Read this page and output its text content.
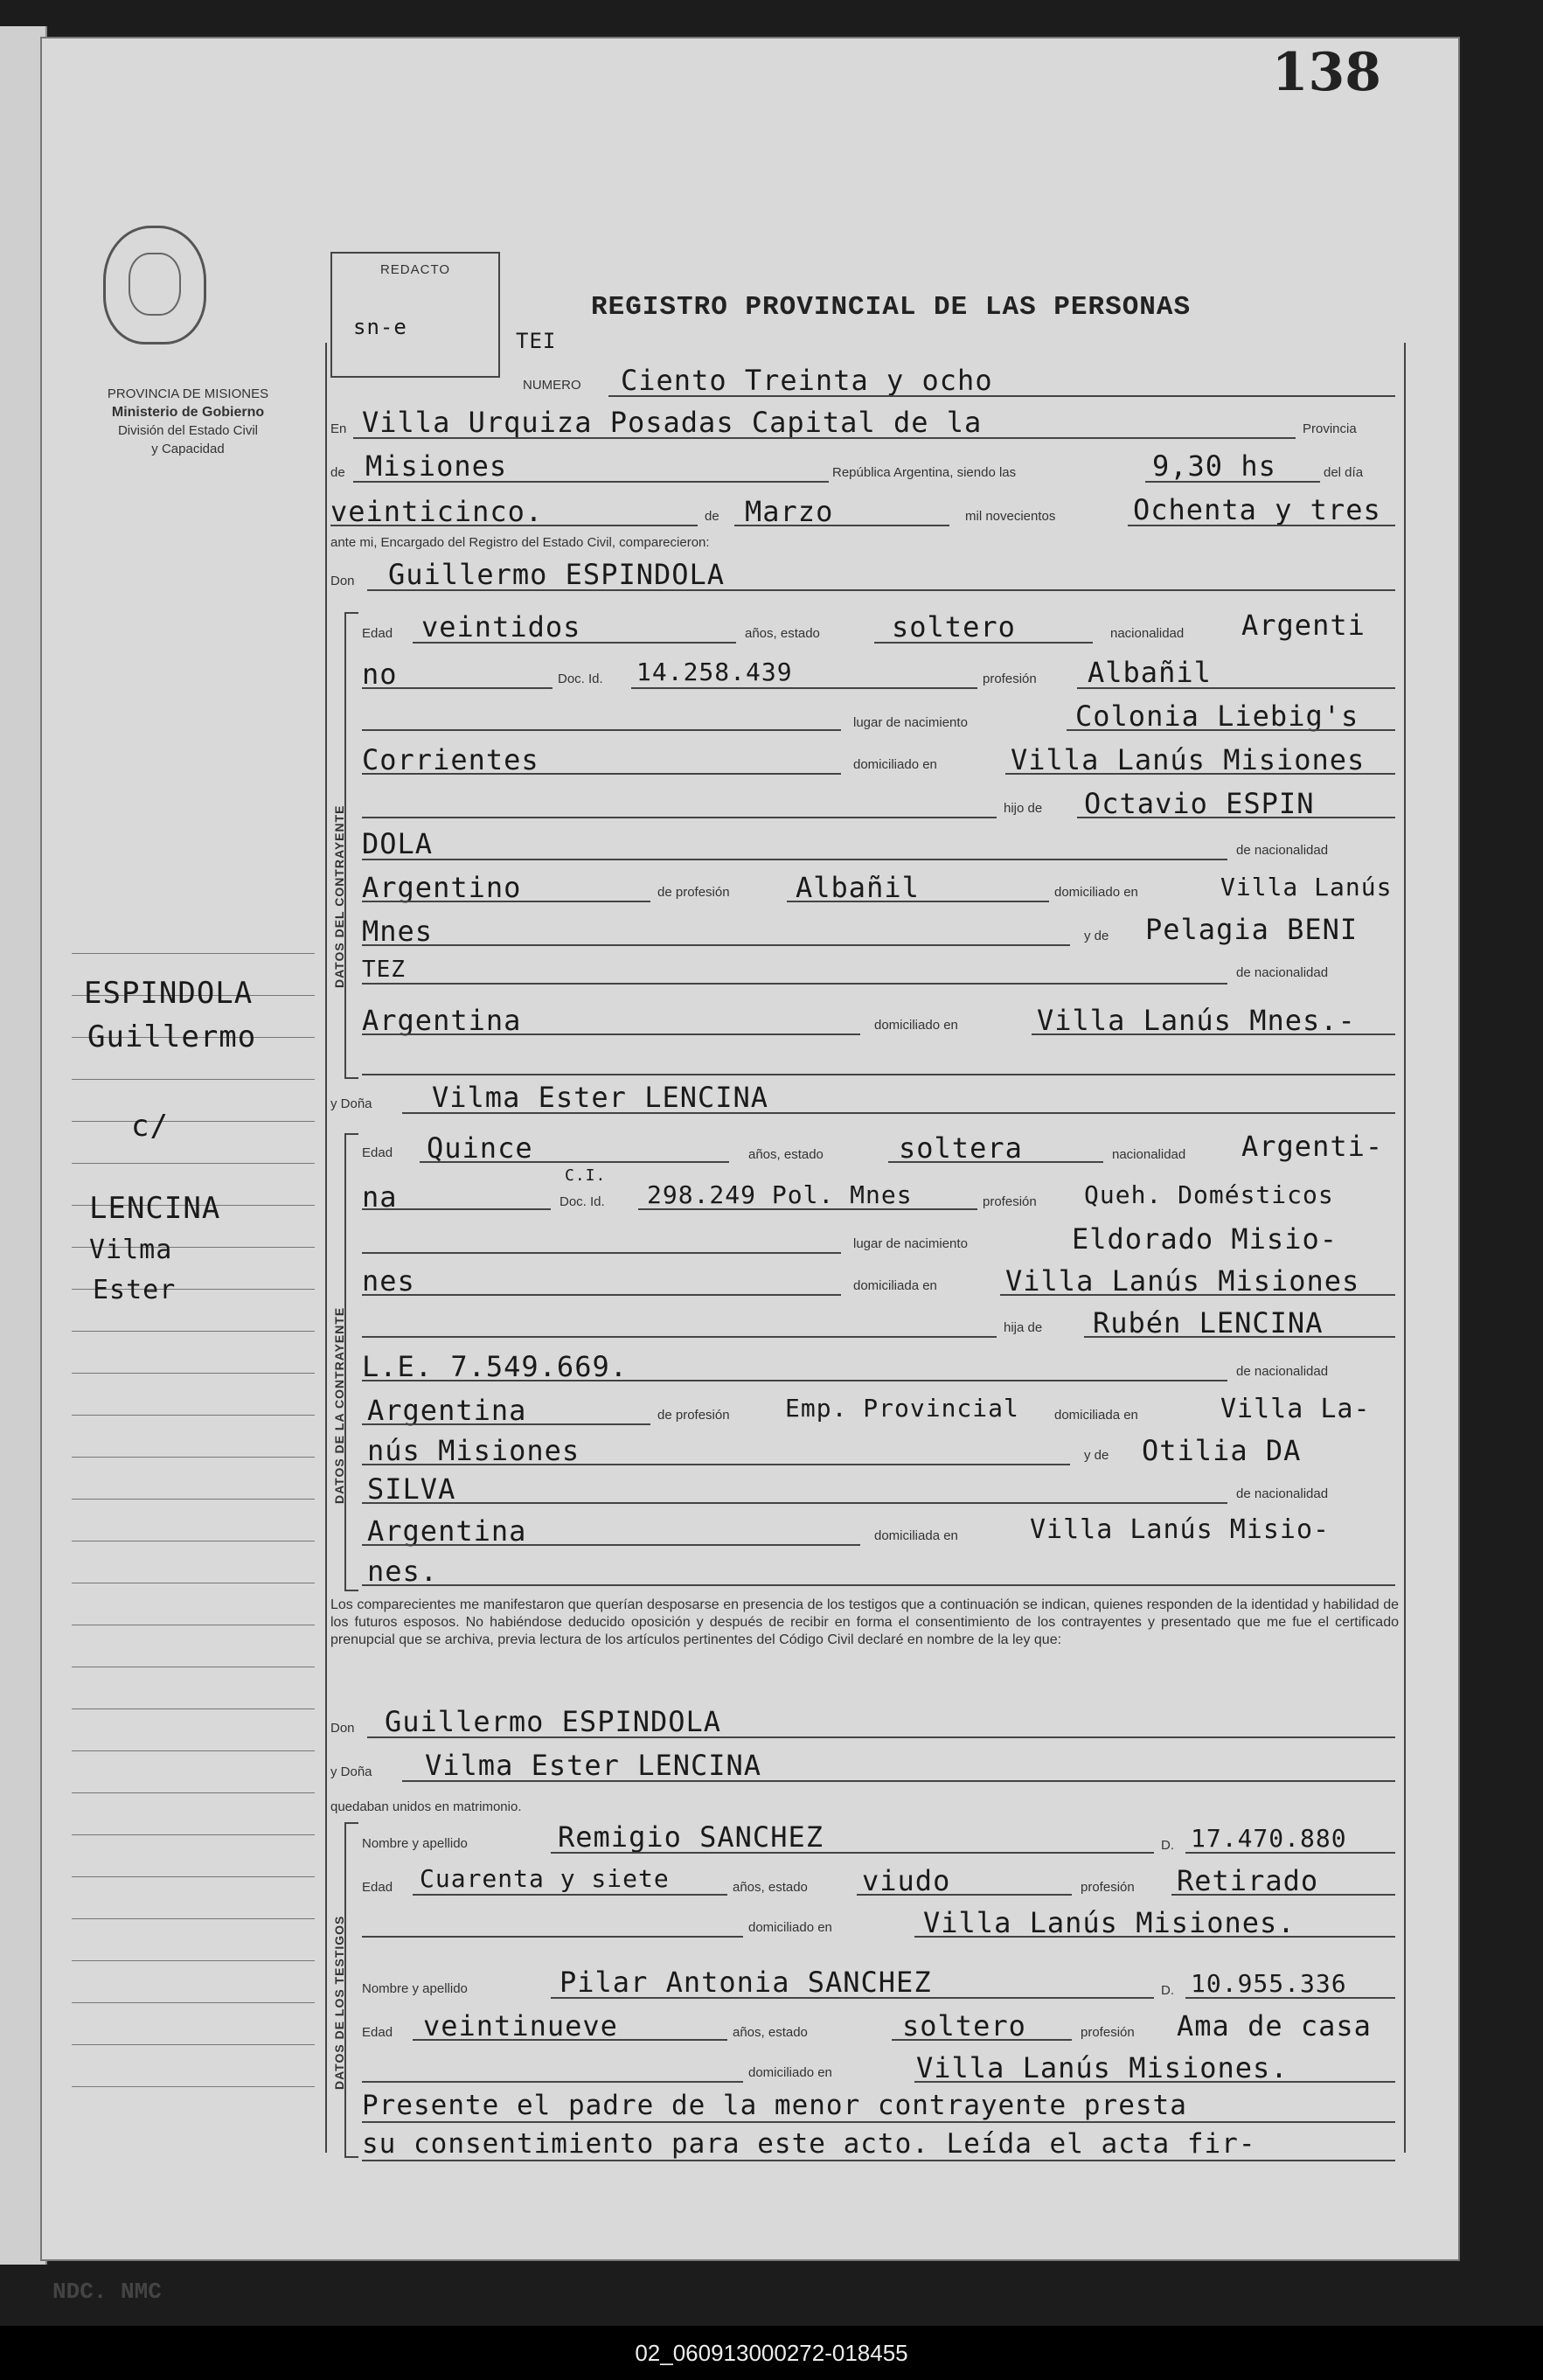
138
PROVINCIA DE MISIONES
Ministerio de Gobierno
División del Estado Civil
y Capacidad
ESPINDOLA
Guillermo
c/
LENCINA
Vilma
Ester
REDACTO
sn-e
REGISTRO PROVINCIAL DE LAS PERSONAS
TEI
NUMERO Ciento Treinta y ocho
En Villa Urquiza Posadas Capital de la	Provincia
de Misiones	República Argentina, siendo las	9,30 hs	del día
veinticinco.	de Marzo	mil novecientos	Ochenta y tres
ante mi, Encargado del Registro del Estado Civil, comparecieron:
Don Guillermo ESPINDOLA
DATOS DEL CONTRAYENTE
Edad veintidos	años, estado	soltero	nacionalidad Argenti
no	Doc. Id. 14.258.439	profesión Albañil
lugar de nacimiento	Colonia Liebig's
Corrientes	domiciliado en	Villa Lanús Misiones
hijo de Octavio ESPIN
DOLA	de nacionalidad
Argentino	de profesión Albañil	domiciliado en	Villa Lanús
Mnes	y de Pelagia BENI
TEZ	de nacionalidad
Argentina	domiciliado en	Villa Lanús Mnes.-
y Doña Vilma Ester LENCINA
DATOS DE LA CONTRAYENTE
Edad Quince	años, estado	soltera	nacionalidad Argenti-
na	Doc. Id.
C.I.
298.249 Pol. Mnes	profesión Queh. Domésticos
lugar de nacimiento	Eldorado Misio-
nes	domiciliada en Villa Lanús Misiones
hija de Rubén LENCINA
L.E. 7.549.669.	de nacionalidad
Argentina	de profesión Emp. Provincial	domiciliada en	Villa La-
nús Misiones	y de Otilia DA
SILVA	de nacionalidad
Argentina	domiciliada en	Villa Lanús Misio-
nes.
Los comparecientes me manifestaron que querían desposarse en presencia de los testigos que a continuación se indican, quienes responden de la identidad y habilidad de los futuros esposos. No habiéndose deducido oposición y después de recibir en forma el consentimiento de los contrayentes y presentado que me fue el certificado prenupcial que se archiva, previa lectura de los artículos pertinentes del Código Civil declaré en nombre de la ley que:
Don Guillermo ESPINDOLA
y Doña Vilma Ester LENCINA
quedaban unidos en matrimonio.
DATOS DE LOS TESTIGOS
Nombre y apellido	Remigio SANCHEZ	D. 17.470.880
Edad Cuarenta y siete	años, estado viudo	profesión Retirado
domiciliado en	Villa Lanús Misiones.
Nombre y apellido	Pilar Antonia SANCHEZ	D. 10.955.336
Edad veintinueve	años, estado	soltero	profesión Ama de casa
domiciliado en	Villa Lanús Misiones.
Presente el padre de la menor contrayente presta
su consentimiento para este acto. Leída el acta fir-
NDC. NMC
02_060913000272-018455
